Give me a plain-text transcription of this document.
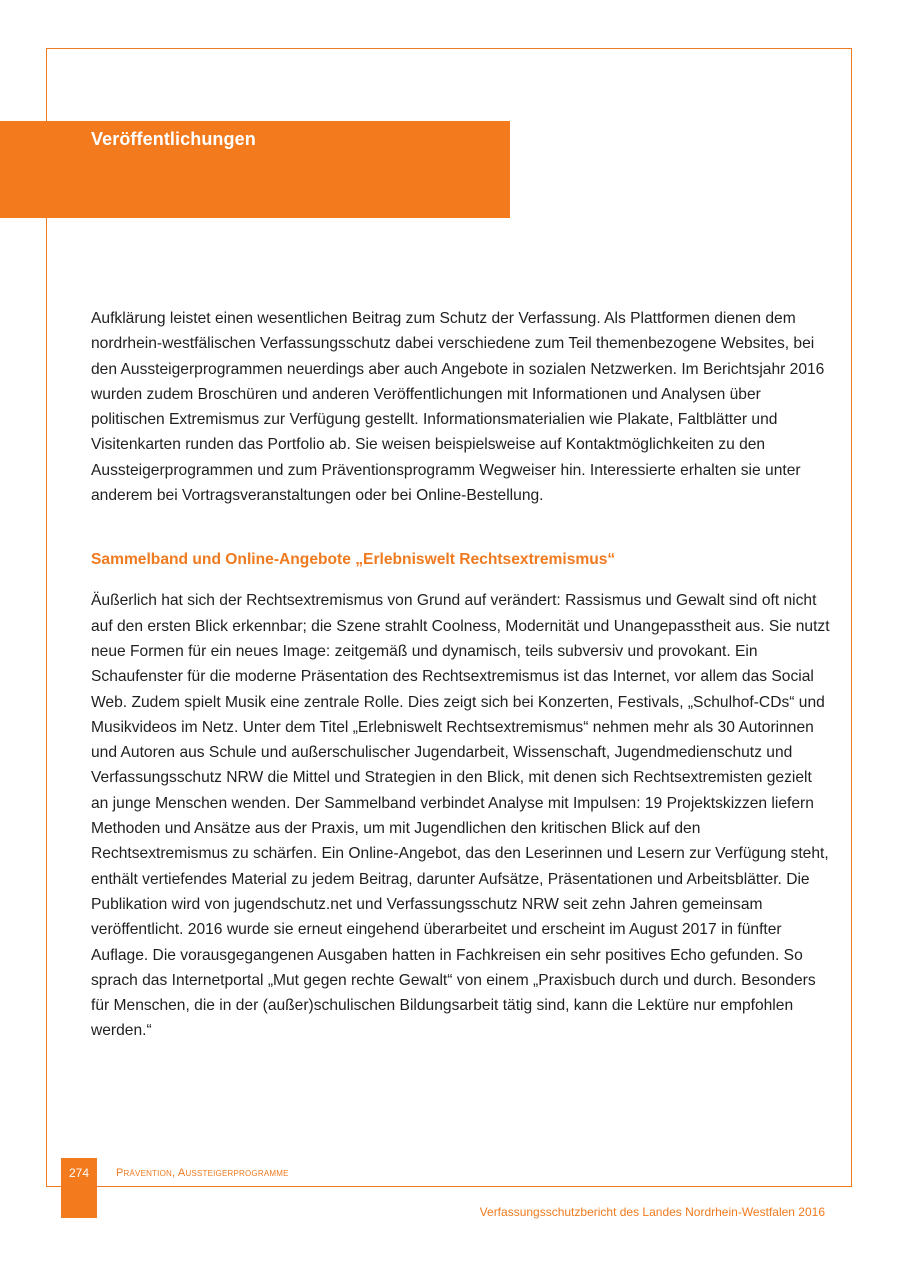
Veröffentlichungen

Aufklärung leistet einen wesentlichen Beitrag zum Schutz der Verfassung. Als Plattformen dienen dem nordrhein-westfälischen Verfassungsschutz dabei verschiedene zum Teil themenbezogene Websites, bei den Aussteigerprogrammen neuerdings aber auch Angebote in sozialen Netzwerken. Im Berichtsjahr 2016 wurden zudem Broschüren und anderen Veröffentlichungen mit Informationen und Analysen über politischen Extremismus zur Verfügung gestellt. Informationsmaterialien wie Plakate, Faltblätter und Visitenkarten runden das Portfolio ab. Sie weisen beispielsweise auf Kontaktmöglichkeiten zu den Aussteigerprogrammen und zum Präventionsprogramm Wegweiser hin. Interessierte erhalten sie unter anderem bei Vortragsveranstaltungen oder bei Online-Bestellung.

Sammelband und Online-Angebote „Erlebniswelt Rechtsextremismus“

Äußerlich hat sich der Rechtsextremismus von Grund auf verändert: Rassismus und Gewalt sind oft nicht auf den ersten Blick erkennbar; die Szene strahlt Coolness, Modernität und Unangepasstheit aus. Sie nutzt neue Formen für ein neues Image: zeitgemäß und dynamisch, teils subversiv und provokant. Ein Schaufenster für die moderne Präsentation des Rechtsextremismus ist das Internet, vor allem das Social Web. Zudem spielt Musik eine zentrale Rolle. Dies zeigt sich bei Konzerten, Festivals, „Schulhof-CDs“ und Musikvideos im Netz. Unter dem Titel „Erlebniswelt Rechtsextremismus“ nehmen mehr als 30 Autorinnen und Autoren aus Schule und außerschulischer Jugendarbeit, Wissenschaft, Jugendmedienschutz und Verfassungsschutz NRW die Mittel und Strategien in den Blick, mit denen sich Rechtsextremisten gezielt an junge Menschen wenden. Der Sammelband verbindet Analyse mit Impulsen: 19 Projektskizzen liefern Methoden und Ansätze aus der Praxis, um mit Jugendlichen den kritischen Blick auf den Rechtsextremismus zu schärfen. Ein Online-Angebot, das den Leserinnen und Lesern zur Verfügung steht, enthält vertiefendes Material zu jedem Beitrag, darunter Aufsätze, Präsentationen und Arbeitsblätter. Die Publikation wird von jugendschutz.net und Verfassungsschutz NRW seit zehn Jahren gemeinsam veröffentlicht. 2016 wurde sie erneut eingehend überarbeitet und erscheint im August 2017 in fünfter Auflage. Die vorausgegangenen Ausgaben hatten in Fachkreisen ein sehr positives Echo gefunden. So sprach das Internetportal „Mut gegen rechte Gewalt“ von einem „Praxisbuch durch und durch. Besonders für Menschen, die in der (außer)schulischen Bildungsarbeit tätig sind, kann die Lektüre nur empfohlen werden.“

274	Prävention, Aussteigerprogramme
Verfassungsschutzbericht des Landes Nordrhein-Westfalen 2016
